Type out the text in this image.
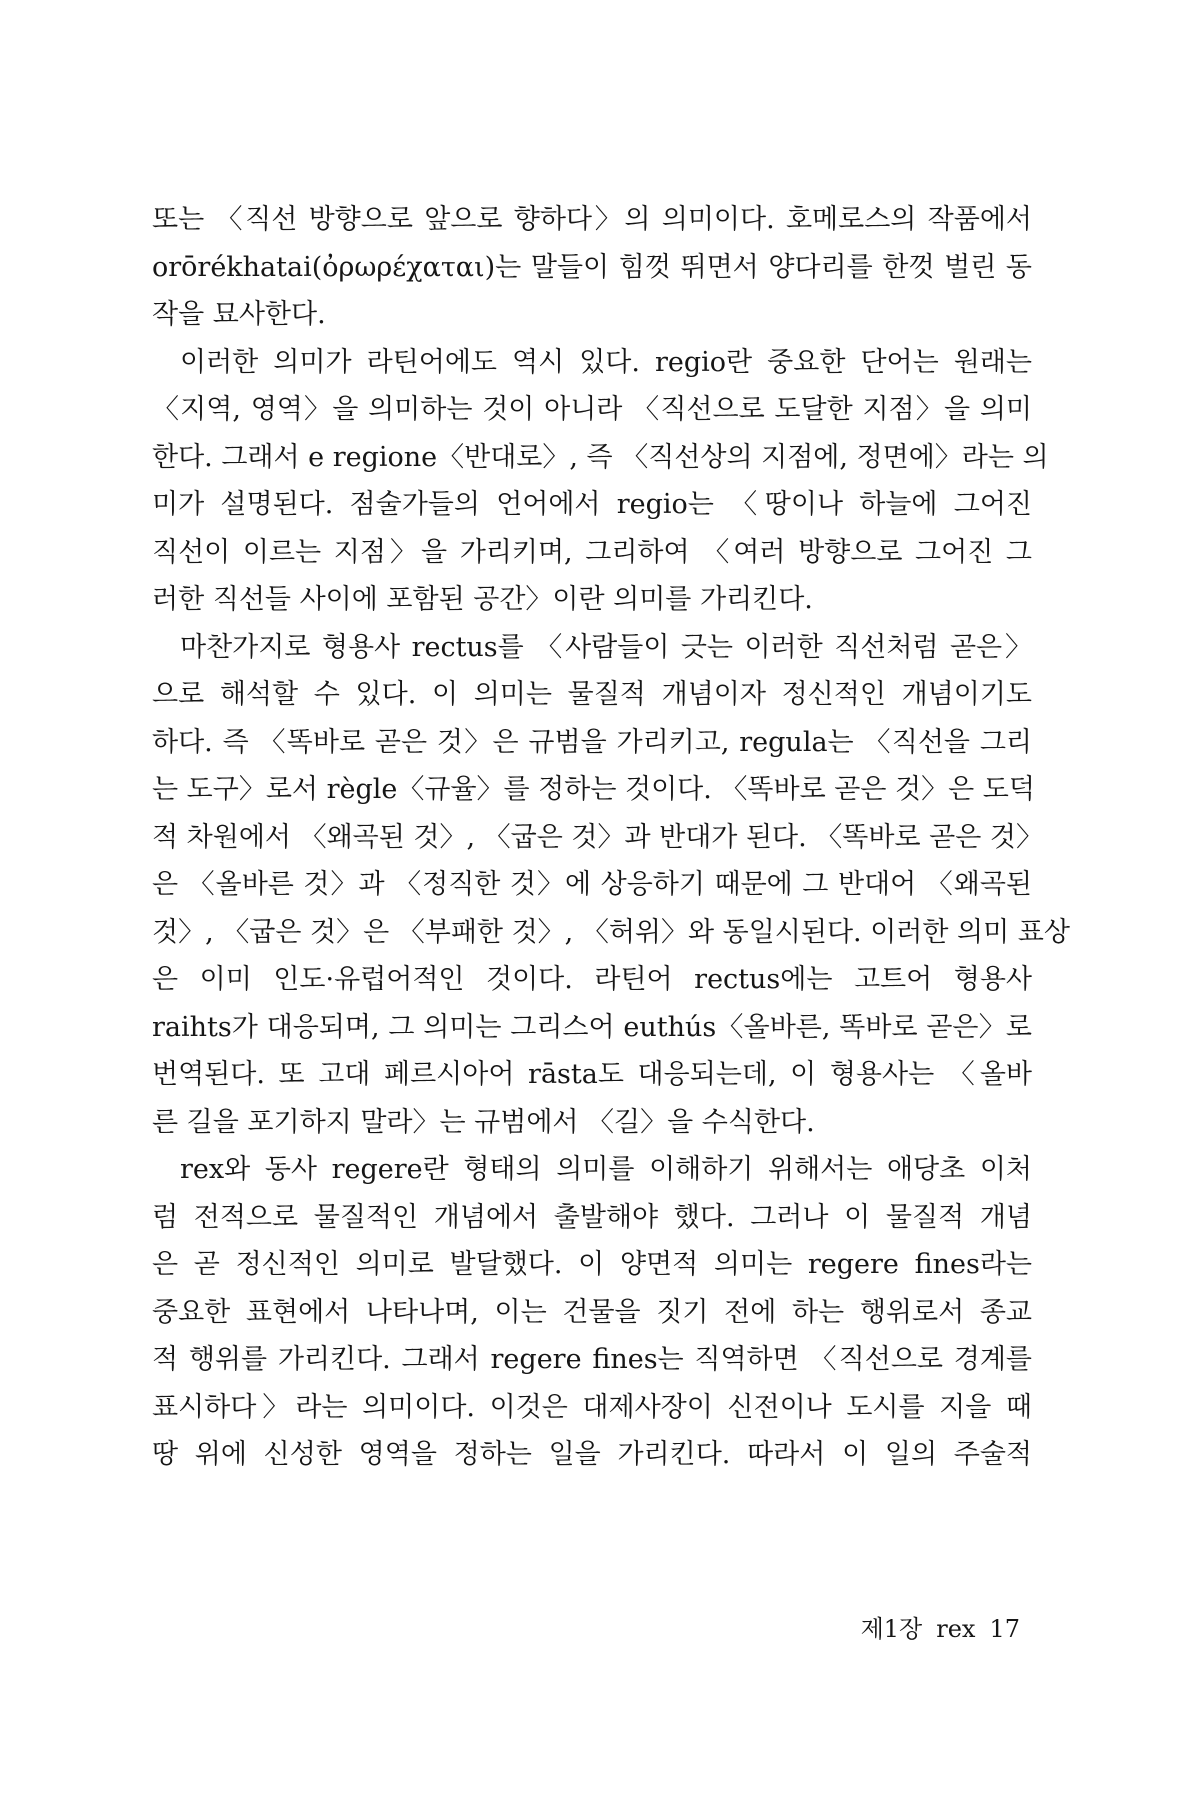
또는 〈직선 방향으로 앞으로 향하다〉의 의미이다. 호메로스의 작품에서
orōrékhatai(ὀρωρέχαται)는 말들이 힘껏 뛰면서 양다리를 한껏 벌린 동
작을 묘사한다.
이러한 의미가 라틴어에도 역시 있다. regio란 중요한 단어는 원래는
〈지역, 영역〉을 의미하는 것이 아니라 〈직선으로 도달한 지점〉을 의미
한다. 그래서 e regione〈반대로〉, 즉 〈직선상의 지점에, 정면에〉라는 의
미가 설명된다. 점술가들의 언어에서 regio는 〈땅이나 하늘에 그어진
직선이 이르는 지점〉을 가리키며, 그리하여 〈여러 방향으로 그어진 그
러한 직선들 사이에 포함된 공간〉이란 의미를 가리킨다.
마찬가지로 형용사 rectus를 〈사람들이 긋는 이러한 직선처럼 곧은〉
으로 해석할 수 있다. 이 의미는 물질적 개념이자 정신적인 개념이기도
하다. 즉 〈똑바로 곧은 것〉은 규범을 가리키고, regula는 〈직선을 그리
는 도구〉로서 règle〈규율〉를 정하는 것이다. 〈똑바로 곧은 것〉은 도덕
적 차원에서 〈왜곡된 것〉, 〈굽은 것〉과 반대가 된다. 〈똑바로 곧은 것〉
은 〈올바른 것〉과 〈정직한 것〉에 상응하기 때문에 그 반대어 〈왜곡된
것〉, 〈굽은 것〉은 〈부패한 것〉, 〈허위〉와 동일시된다. 이러한 의미 표상
은 이미 인도·유럽어적인 것이다. 라틴어 rectus에는 고트어 형용사
raihts가 대응되며, 그 의미는 그리스어 euthús〈올바른, 똑바로 곧은〉로
번역된다. 또 고대 페르시아어 rāsta도 대응되는데, 이 형용사는 〈올바
른 길을 포기하지 말라〉는 규범에서 〈길〉을 수식한다.
rex와 동사 regere란 형태의 의미를 이해하기 위해서는 애당초 이처
럼 전적으로 물질적인 개념에서 출발해야 했다. 그러나 이 물질적 개념
은 곧 정신적인 의미로 발달했다. 이 양면적 의미는 regere fines라는
중요한 표현에서 나타나며, 이는 건물을 짓기 전에 하는 행위로서 종교
적 행위를 가리킨다. 그래서 regere fines는 직역하면 〈직선으로 경계를
표시하다〉라는 의미이다. 이것은 대제사장이 신전이나 도시를 지을 때
땅 위에 신성한 영역을 정하는 일을 가리킨다. 따라서 이 일의 주술적
제1장 rex 17
